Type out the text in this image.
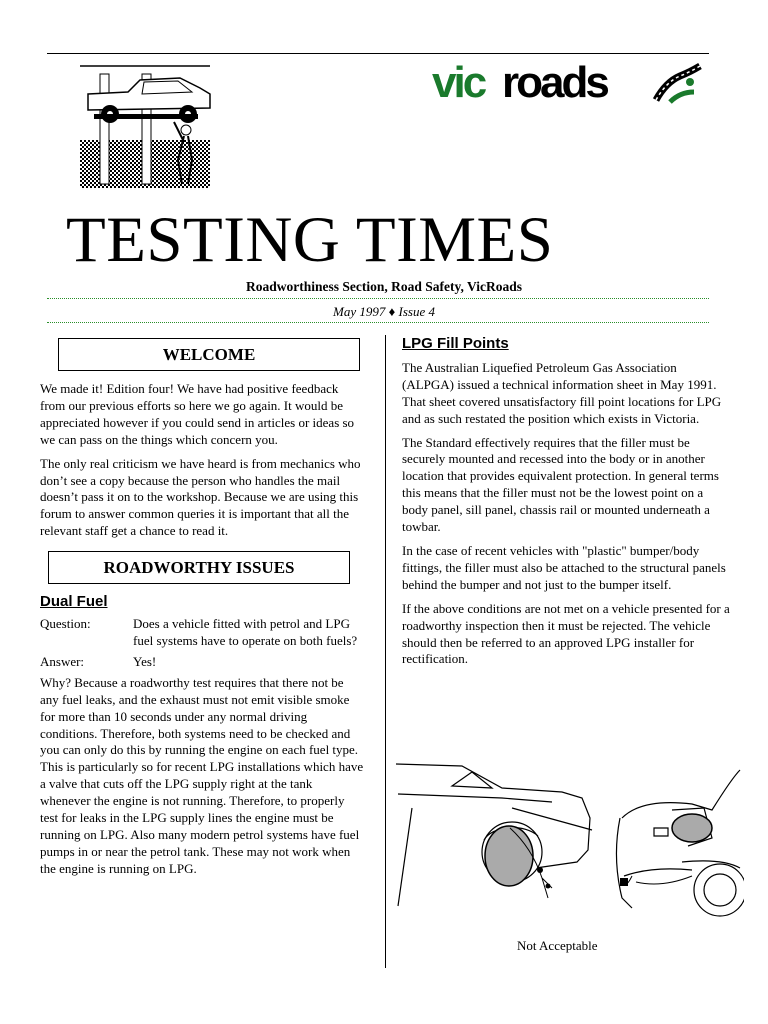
vic roads
TESTING TIMES
Roadworthiness Section, Road Safety, VicRoads
May 1997 ♦ Issue 4
WELCOME

We made it! Edition four! We have had positive feedback from our previous efforts so here we go again. It would be appreciated however if you could send in articles or ideas so we can pass on the things which concern you.

The only real criticism we have heard is from mechanics who don’t see a copy because the person who handles the mail doesn’t pass it on to the workshop. Because we are using this forum to answer common queries it is important that all the relevant staff get a chance to read it.

ROADWORTHY ISSUES
Dual Fuel
Question:	Does a vehicle fitted with petrol and LPG fuel systems have to operate on both fuels?
Answer:	Yes!

Why? Because a roadworthy test requires that there not be any fuel leaks, and the exhaust must not emit visible smoke for more than 10 seconds under any normal driving conditions. Therefore, both systems need to be checked and you can only do this by running the engine on each fuel type. This is particularly so for recent LPG installations which have a valve that cuts off the LPG supply right at the tank whenever the engine is not running. Therefore, to properly test for leaks in the LPG supply lines the engine must be running on LPG. Also many modern petrol systems have fuel pumps in or near the petrol tank. These may not work when the engine is running on LPG.

LPG Fill Points

The Australian Liquefied Petroleum Gas Association (ALPGA) issued a technical information sheet in May 1991. That sheet covered unsatisfactory fill point locations for LPG and as such restated the position which exists in Victoria.

The Standard effectively requires that the filler must be securely mounted and recessed into the body or in another location that provides equivalent protection. In general terms this means that the filler must not be the lowest point on a body panel, sill panel, chassis rail or mounted underneath a towbar.

In the case of recent vehicles with "plastic" bumper/body fittings, the filler must also be attached to the structural panels behind the bumper and not just to the bumper itself.

If the above conditions are not met on a vehicle presented for a roadworthy inspection then it must be rejected. The vehicle should then be referred to an approved LPG installer for rectification.

Not Acceptable
